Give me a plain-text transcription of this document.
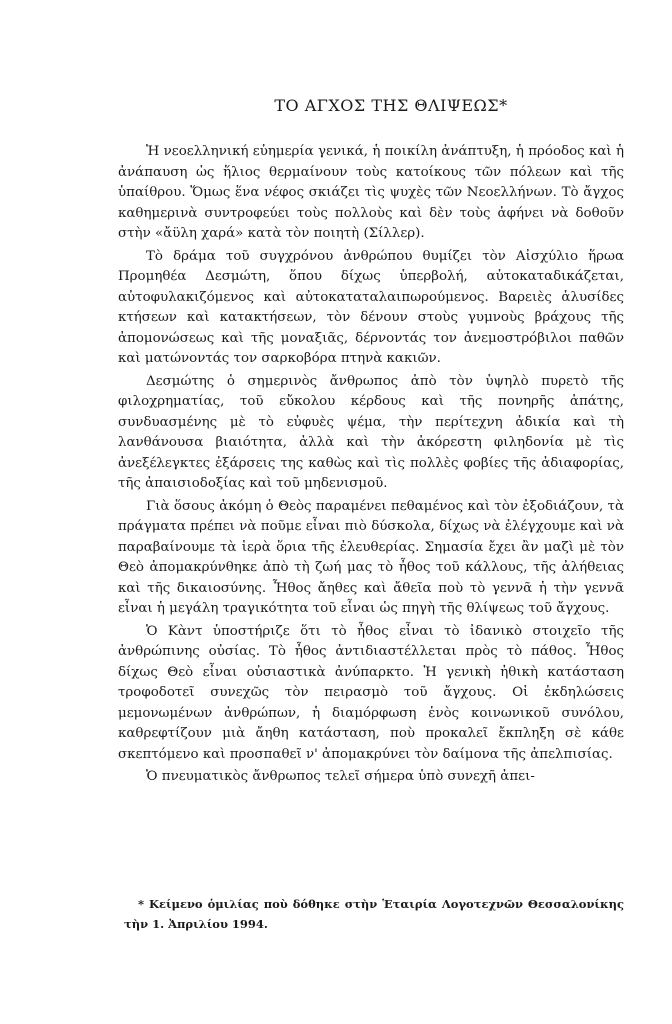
ΤΟ ΑΓΧΟΣ ΤΗΣ ΘΛΙΨΕΩΣ*

Ἡ νεοελληνική εὐημερία γενικά, ἡ ποικίλη ἀνάπτυξη, ἡ πρόοδος καὶ ἡ ἀνάπαυση ὡς ἥλιος θερμαίνουν τοὺς κατοίκους τῶν πόλεων καὶ τῆς ὑπαίθρου. Ὅμως ἕνα νέφος σκιάζει τὶς ψυχὲς τῶν Νεοελλήνων. Τὸ ἄγχος καθημερινὰ συντροφεύει τοὺς πολλοὺς καὶ δὲν τοὺς ἀφήνει νὰ δοθοῦν στὴν «ἄϋλη χαρά» κατὰ τὸν ποιητὴ (Σίλλερ).

Τὸ δράμα τοῦ συγχρόνου ἀνθρώπου θυμίζει τὸν Αἰσχύλιο ἥρωα Προμηθέα Δεσμώτη, ὅπου δίχως ὑπερβολή, αὐτοκαταδικάζεται, αὐτοφυλακιζόμενος καὶ αὐτοκαταταλαιπωρούμενος. Βαρειὲς ἁλυσίδες κτήσεων καὶ κατακτήσεων, τὸν δένουν στοὺς γυμνοὺς βράχους τῆς ἀπομονώσεως καὶ τῆς μοναξιᾶς, δέρνοντάς τον ἀνεμοστρόβιλοι παθῶν καὶ ματώνοντάς τον σαρκοβόρα πτηνὰ κακιῶν.

Δεσμώτης ὁ σημερινὸς ἄνθρωπος ἀπὸ τὸν ὑψηλὸ πυρετὸ τῆς φιλοχρηματίας, τοῦ εὔκολου κέρδους καὶ τῆς πονηρῆς ἀπάτης, συνδυασμένης μὲ τὸ εὐφυὲς ψέμα, τὴν περίτεχνη ἀδικία καὶ τὴ λανθάνουσα βιαιότητα, ἀλλὰ καὶ τὴν ἀκόρεστη φιληδονία μὲ τὶς ἀνεξέλεγκτες ἐξάρσεις της καθὼς καὶ τὶς πολλὲς φοβίες τῆς ἀδιαφορίας, τῆς ἀπαισιοδοξίας καὶ τοῦ μηδενισμοῦ.

Γιὰ ὅσους ἀκόμη ὁ Θεὸς παραμένει πεθαμένος καὶ τὸν ἐξοδιάζουν, τὰ πράγματα πρέπει νὰ ποῦμε εἶναι πιὸ δύσκολα, δίχως νὰ ἐλέγχουμε καὶ νὰ παραβαίνουμε τὰ ἱερὰ ὅρια τῆς ἐλευθερίας. Σημασία ἔχει ἂν μαζὶ μὲ τὸν Θεὸ ἀπομακρύνθηκε ἀπὸ τὴ ζωή μας τὸ ἦθος τοῦ κάλλους, τῆς ἀλήθειας καὶ τῆς δικαιοσύνης. Ἦθος ἄηθες καὶ ἄθεῖα ποὺ τὸ γεννᾶ ἡ τὴν γεννᾶ εἶναι ἡ μεγάλη τραγικότητα τοῦ εἶναι ὡς πηγὴ τῆς θλίψεως τοῦ ἄγχους.

Ὁ Κὰντ ὑποστήριζε ὅτι τὸ ἦθος εἶναι τὸ ἰδανικὸ στοιχεῖο τῆς ἀνθρώπινης οὐσίας. Τὸ ἦθος ἀντιδιαστέλλεται πρὸς τὸ πάθος. Ἦθος δίχως Θεὸ εἶναι οὐσιαστικὰ ἀνύπαρκτο. Ἡ γενικὴ ἠθικὴ κατάσταση τροφοδοτεῖ συνεχῶς τὸν πειρασμὸ τοῦ ἄγχους. Οἱ ἐκδηλώσεις μεμονωμένων ἀνθρώπων, ἡ διαμόρφωση ἑνὸς κοινωνικοῦ συνόλου, καθρεφτίζουν μιὰ ἄηθη κατάσταση, ποὺ προκαλεῖ ἔκπληξη σὲ κάθε σκεπτόμενο καὶ προσπαθεῖ ν' ἀπομακρύνει τὸν δαίμονα τῆς ἀπελπισίας.

Ὁ πνευματικὸς ἄνθρωπος τελεῖ σήμερα ὑπὸ συνεχῆ ἀπει-

* Κείμενο ὁμιλίας ποὺ δόθηκε στὴν Ἑταιρία Λογοτεχνῶν Θεσσαλονίκης τὴν 1. Ἀπριλίου 1994.
